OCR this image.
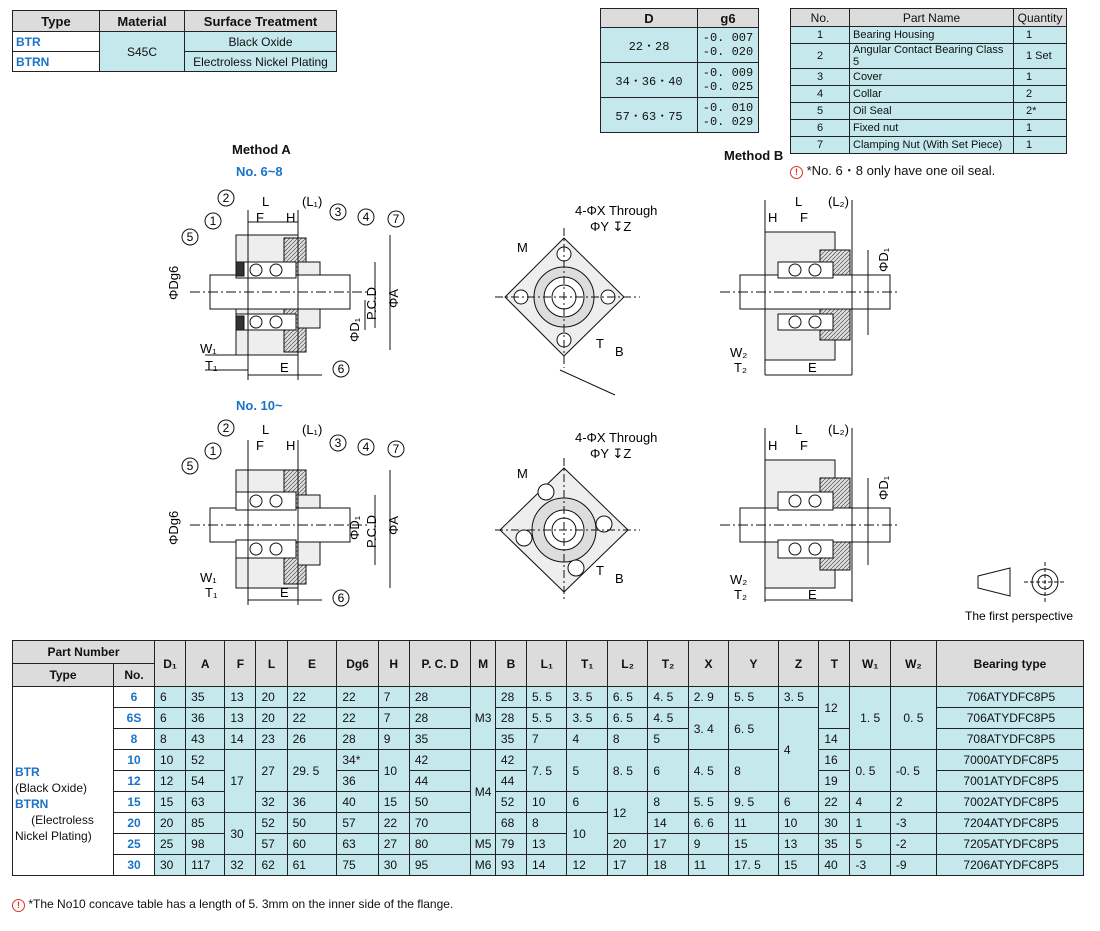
Type	Material	Surface Treatment
BTR	S45C	Black Oxide
BTRN		Electroless Nickel Plating
D	g6
22・28	-0. 007
-0. 020

34・36・40	-0. 009
-0. 025

57・63・75	-0. 010
-0. 029
No.	Part Name	Quantity
1	Bearing Housing	1
2	Angular Contact Bearing Class 5	1 Set
3	Cover	1
4	Collar	2
5	Oil Seal	2*
6	Fixed nut	1
7	Clamping Nut (With Set Piece)	1
Method B
! *No. 6・8 only have one oil seal.
Method A
No. 6~8
No. 10~
2
1
5
3 4 7
6
L	(L₁)
F H
W₁
T₁	E
ΦDg6
ΦD₁
P.C.D ΦA
2
1
5
3 4 7
6
L	(L₁)
F H
W₁
T₁	E
ΦDg6	ΦD₁ P.C.D ΦA
4-ΦX Through
ΦY ↧Z
M
T
B
4-ΦX Through
ΦY ↧Z
M
T
B
L (L₂)
H F
W₂
T₂	E
ΦD₁
L (L₂)
H F
W₂
T₂	E
ΦD₁
The first perspective
Part Number		D₁	A	F	L	E	Dg6	H	P. C. D	M	B	L₁	T₁	L₂	T₂	X	Y	Z	T	W₁	W₂	Bearing type
Type	No.																					

BTR
(Black Oxide)
BTRN
(Electroless
Nickel Plating)	6	6	35	13	20	22	22	7	28	M3	28	5. 5	3. 5	6. 5	4. 5	2. 9	5. 5	3. 5	12	1. 5	0. 5	706ATYDFC8P5
	6S	6	36	13	20	22	22	7	28		28	5. 5	3. 5	6. 5	4. 5	3. 4	6. 5	4				706ATYDFC8P5
	8	8	43	14	23	26	28	9	35		35	7	4	8	5				14			708ATYDFC8P5
	10	10	52	17	27	29. 5	34*	10	42	M4	42	7. 5	5	8. 5	6	4. 5	8		16	0. 5	-0. 5	7000ATYDFC8P5
	12	12	54				36		44		44								19			7001ATYDFC8P5
	15	15	63		32	36	40	15	50		52	10	6	12	8	5. 5	9. 5	6	22	4	2	7002ATYDFC8P5
	20	20	85	30	52	50	57	22	70		68	8	10		14	6. 6	11	10	30	1	-3	7204ATYDFC8P5
	25	25	98		57	60	63	27	80	M5	79	13		20	17	9	15	13	35	5	-2	7205ATYDFC8P5
	30	30	117	32	62	61	75	30	95	M6	93	14	12	17	18	11	17. 5	15	40	-3	-9	7206ATYDFC8P5
! *The No10 concave table has a length of 5. 3mm on the inner side of the flange.
